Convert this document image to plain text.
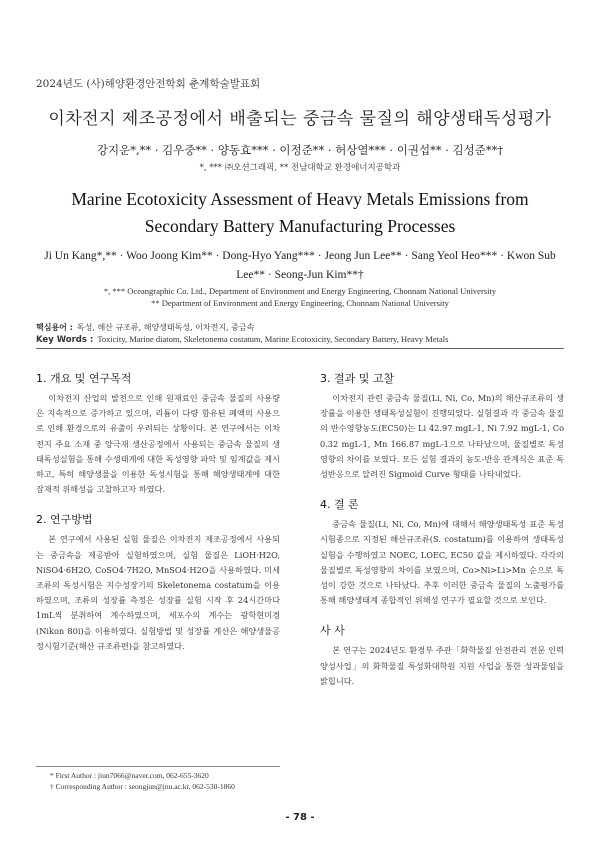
2024년도 (사)해양환경안전학회 춘계학술발표회
이차전지 제조공정에서 배출되는 중금속 물질의 해양생태독성평가
강지운*,** · 김우중** · 양동효*** · 이정준** · 허상열*** · 이권섭** · 김성준**†
*, *** ㈜오션그래픽, ** 전남대학교 환경에너지공학과
Marine Ecotoxicity Assessment of Heavy Metals Emissions from Secondary Battery Manufacturing Processes
Ji Un Kang*,** · Woo Joong Kim** · Dong-Hyo Yang*** · Jeong Jun Lee** · Sang Yeol Heo*** · Kwon Sub Lee** · Seong-Jun Kim**†
*, *** Oceangraphic Co. Ltd., Department of Environment and Energy Engineering, Chonnam National University
** Department of Environment and Energy Engineering, Chonnam National University
핵심용어 : 독성, 해산 규조류, 해양생태독성, 이차전지, 중금속
Key Words : Toxicity, Marine diatom, Skeletonema costatum, Marine Ecotoxicity, Secondary Battery, Heavy Metals
1. 개요 및 연구목적

이차전지 산업의 발전으로 인해 원재료인 중금속 물질의 사용량은 지속적으로 증가하고 있으며, 리튬이 다량 함유된 폐액의 사용으로 인해 환경으로의 유출이 우려되는 상황이다. 본 연구에서는 이차전지 주요 소재 중 양극재 생산공정에서 사용되는 중금속 물질의 생태독성실험을 통해 수생태계에 대한 독성영향 파악 및 임계값을 제시하고, 특히 해양생물을 이용한 독성시험을 통해 해양생태계에 대한 잠재적 위해성을 고찰하고자 하였다.

2. 연구방법

본 연구에서 사용된 실험 물질은 이차전지 제조공정에서 사용되는 중금속을 제공받아 실험하였으며, 실험 물질은 LiOH·H2O, NiSO4·6H2O, CoSO4·7H2O, MnSO4·H2O을 사용하였다. 미세조류의 독성시험은 지수성장기의 Skeletonema costatum을 이용하였으며, 조류의 성장률 측정은 성장률 실험 시작 후 24시간마다 1mL씩 분취하여 계수하였으며, 세포수의 계수는 광학현미경(Nikon 80i)을 이용하였다. 실험방법 및 성장률 계산은 해양생물공정시험기준(해산 규조류편)을 참고하였다.

3. 결과 및 고찰

이차전지 관련 중금속 물질(Li, Ni, Co, Mn)의 해산규조류의 생장률을 이용한 생태독성실험이 진행되었다. 실험결과 각 중금속 물질의 반수영향농도(EC50)는 Li 42.97 mgL-1, Ni 7.92 mgL-1, Co 0.32 mgL-1, Mn 166.87 mgL-1으로 나타났으며, 물질별로 독성영향의 차이를 보였다. 모든 실험 결과의 농도-반응 관계식은 표준 독성반응으로 알려진 Sigmoid Curve 형태를 나타내었다.

4. 결 론

중금속 물질(Li, Ni, Co, Mn)에 대해서 해양생태독성 표준 독성시험종으로 지정된 해산규조류(S. costatum)를 이용하여 생태독성실험을 수행하였고 NOEC, LOEC, EC50 값을 제시하였다. 각각의 물질별로 독성영향의 차이를 보였으며, Co>Ni>Li>Mn 순으로 독성이 강한 것으로 나타났다. 추후 이러한 중금속 물질의 노출평가를 통해 해양생태계 종합적인 위해성 연구가 필요할 것으로 보인다.

사 사

본 연구는 2024년도 환경부 주관「화학물질 안전관리 전문 인력 양성사업」의 화학물질 특성화대학원 지원 사업을 통한 성과물임을 밝힙니다.

* First Author : jiun7066@naver.com, 062-655-3620
† Corresponding Author : seongjun@jnu.ac.kr, 062-530-1860
- 78 -
